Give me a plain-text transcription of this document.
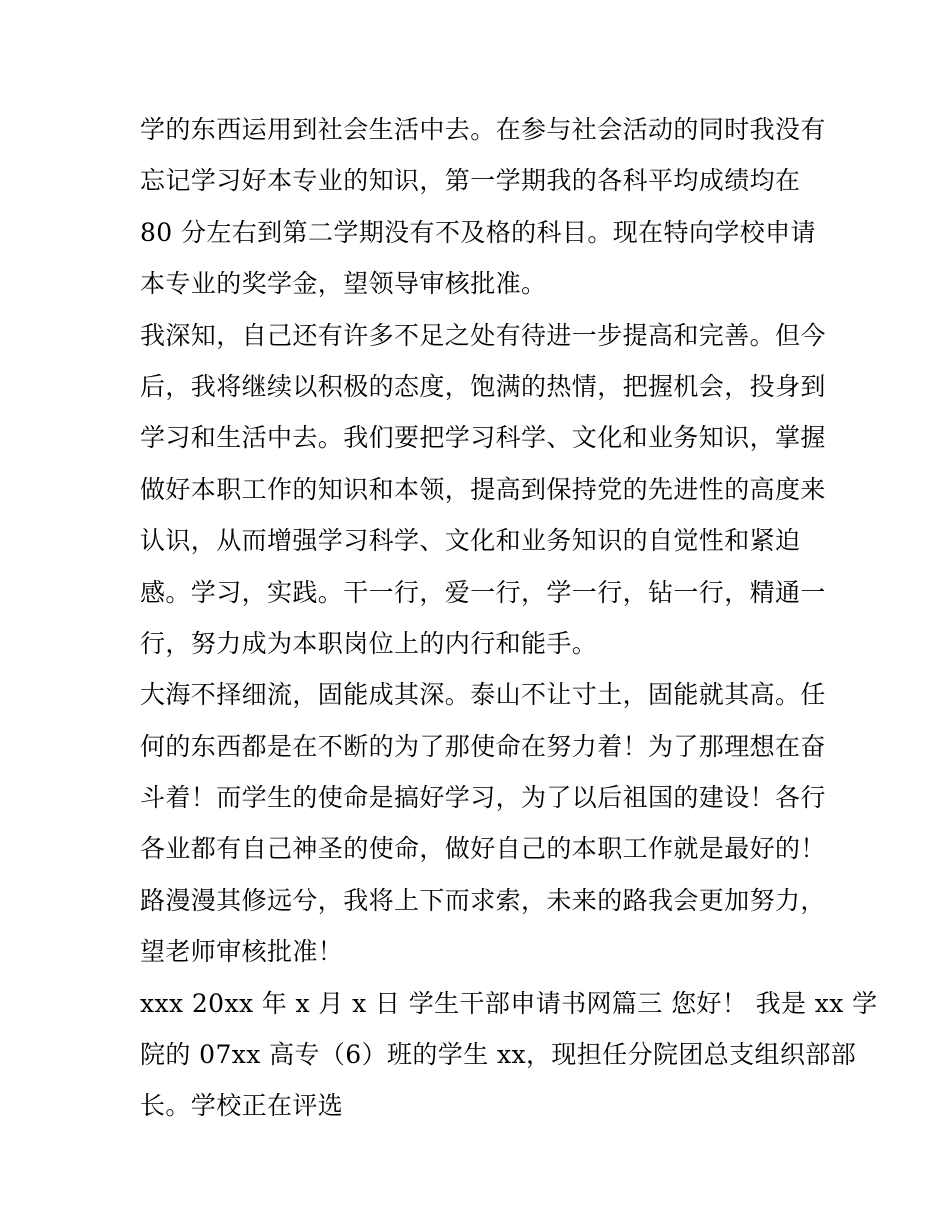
学的东西运用到社会生活中去。在参与社会活动的同时我没有
忘记学习好本专业的知识，第一学期我的各科平均成绩均在
80 分左右到第二学期没有不及格的科目。现在特向学校申请
本专业的奖学金，望领导审核批准。
我深知，自己还有许多不足之处有待进一步提高和完善。但今
后，我将继续以积极的态度，饱满的热情，把握机会，投身到
学习和生活中去。我们要把学习科学、文化和业务知识，掌握
做好本职工作的知识和本领，提高到保持党的先进性的高度来
认识，从而增强学习科学、文化和业务知识的自觉性和紧迫
感。学习，实践。干一行，爱一行，学一行，钻一行，精通一
行，努力成为本职岗位上的内行和能手。
大海不择细流，固能成其深。泰山不让寸土，固能就其高。任
何的东西都是在不断的为了那使命在努力着！为了那理想在奋
斗着！而学生的使命是搞好学习，为了以后祖国的建设！各行
各业都有自己神圣的使命，做好自己的本职工作就是最好的！
路漫漫其修远兮，我将上下而求索，未来的路我会更加努力，
望老师审核批准！
xxx 20xx 年 x 月 x 日 学生干部申请书网篇三 您好！ 我是 xx 学
院的 07xx 高专（6）班的学生 xx，现担任分院团总支组织部部
长。学校正在评选
